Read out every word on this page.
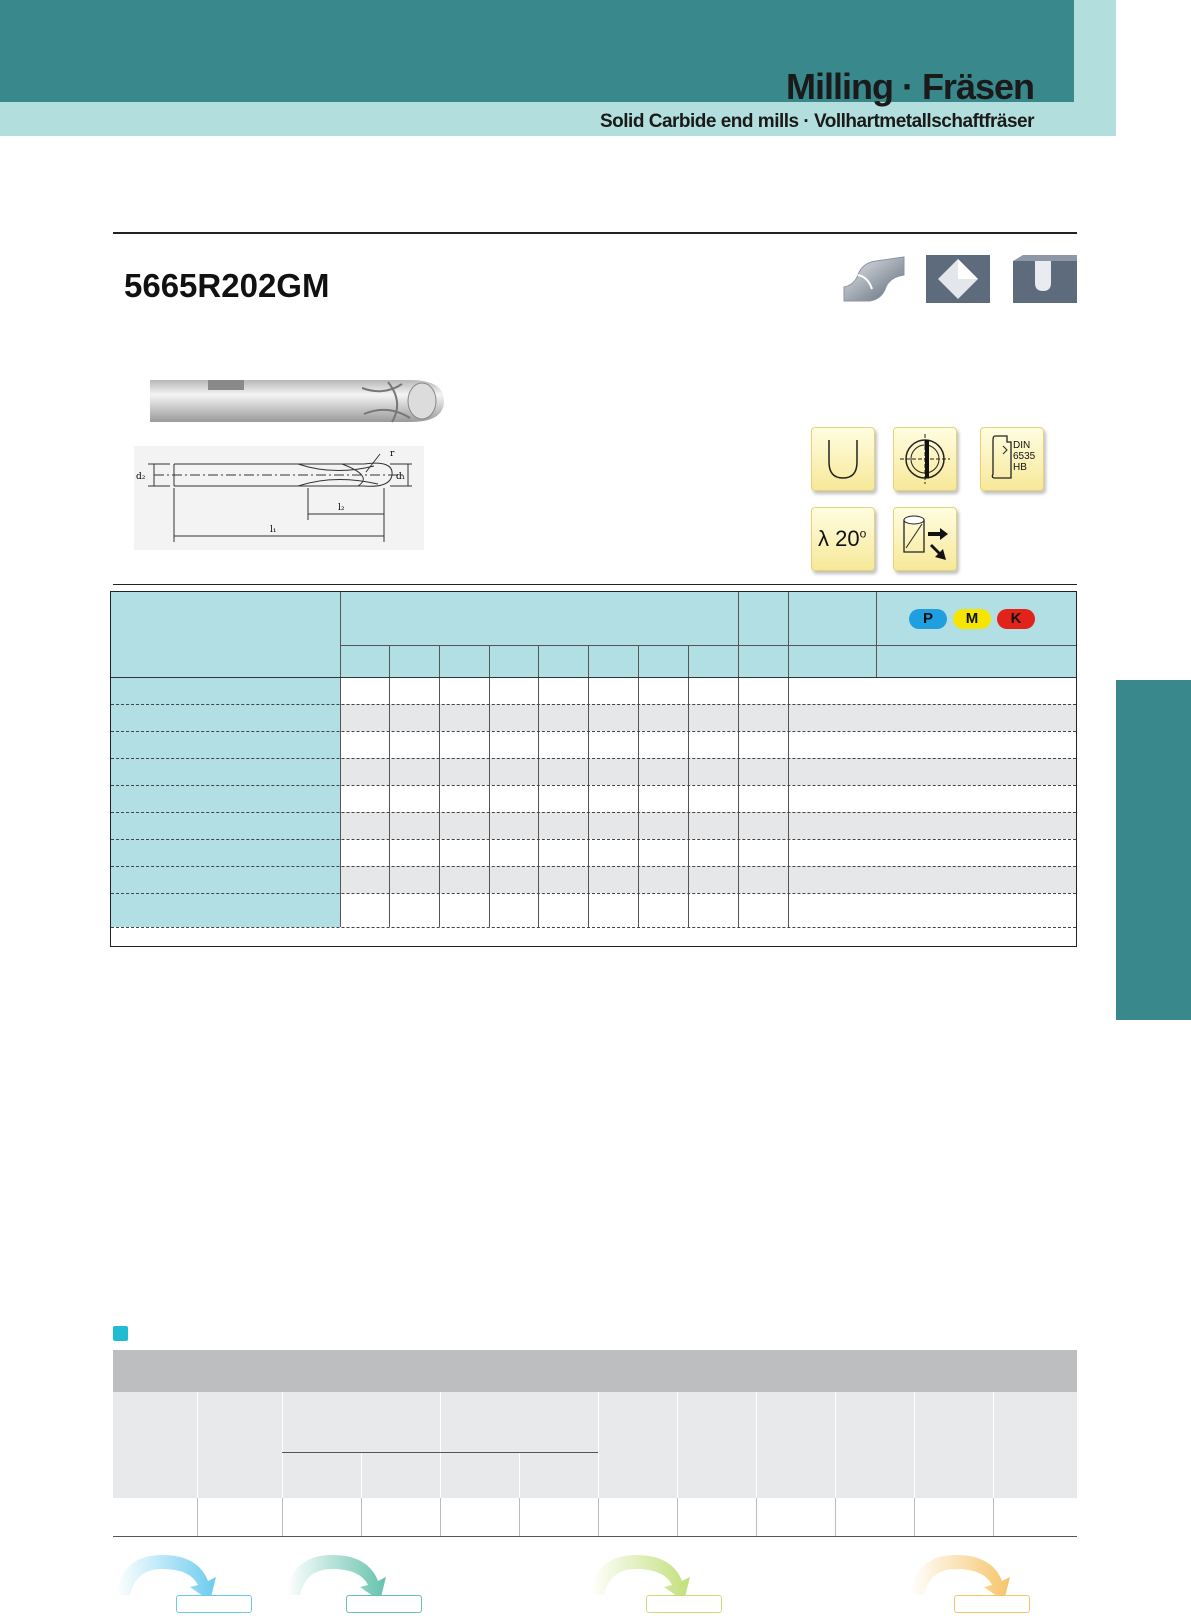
Milling · Fräsen
Solid Carbide end mills · Vollhartmetallschaftfräser
5665R202GM
r
d₂	d₁
l₂
l₁
DIN
6535
HB
λ 20$^o$
P	M	K
